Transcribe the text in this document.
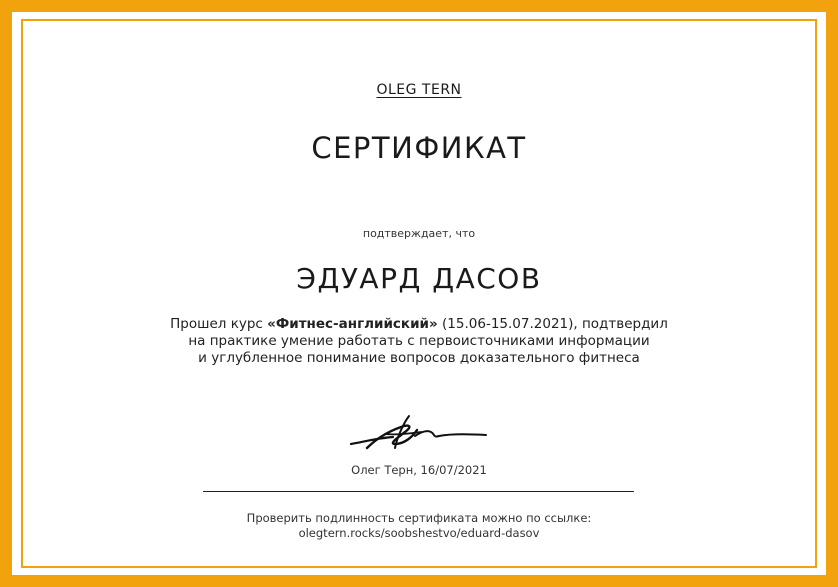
OLEG TERN
СЕРТИФИКАТ
подтверждает, что
ЭДУАРД ДАСОВ
Прошел курс «Фитнес-английский» (15.06-15.07.2021), подтвердил
на практике умение работать с первоисточниками информации
и углубленное понимание вопросов доказательного фитнеса
Олег Терн, 16/07/2021
Проверить подлинность сертификата можно по ссылке:
olegtern.rocks/soobshestvo/eduard-dasov
